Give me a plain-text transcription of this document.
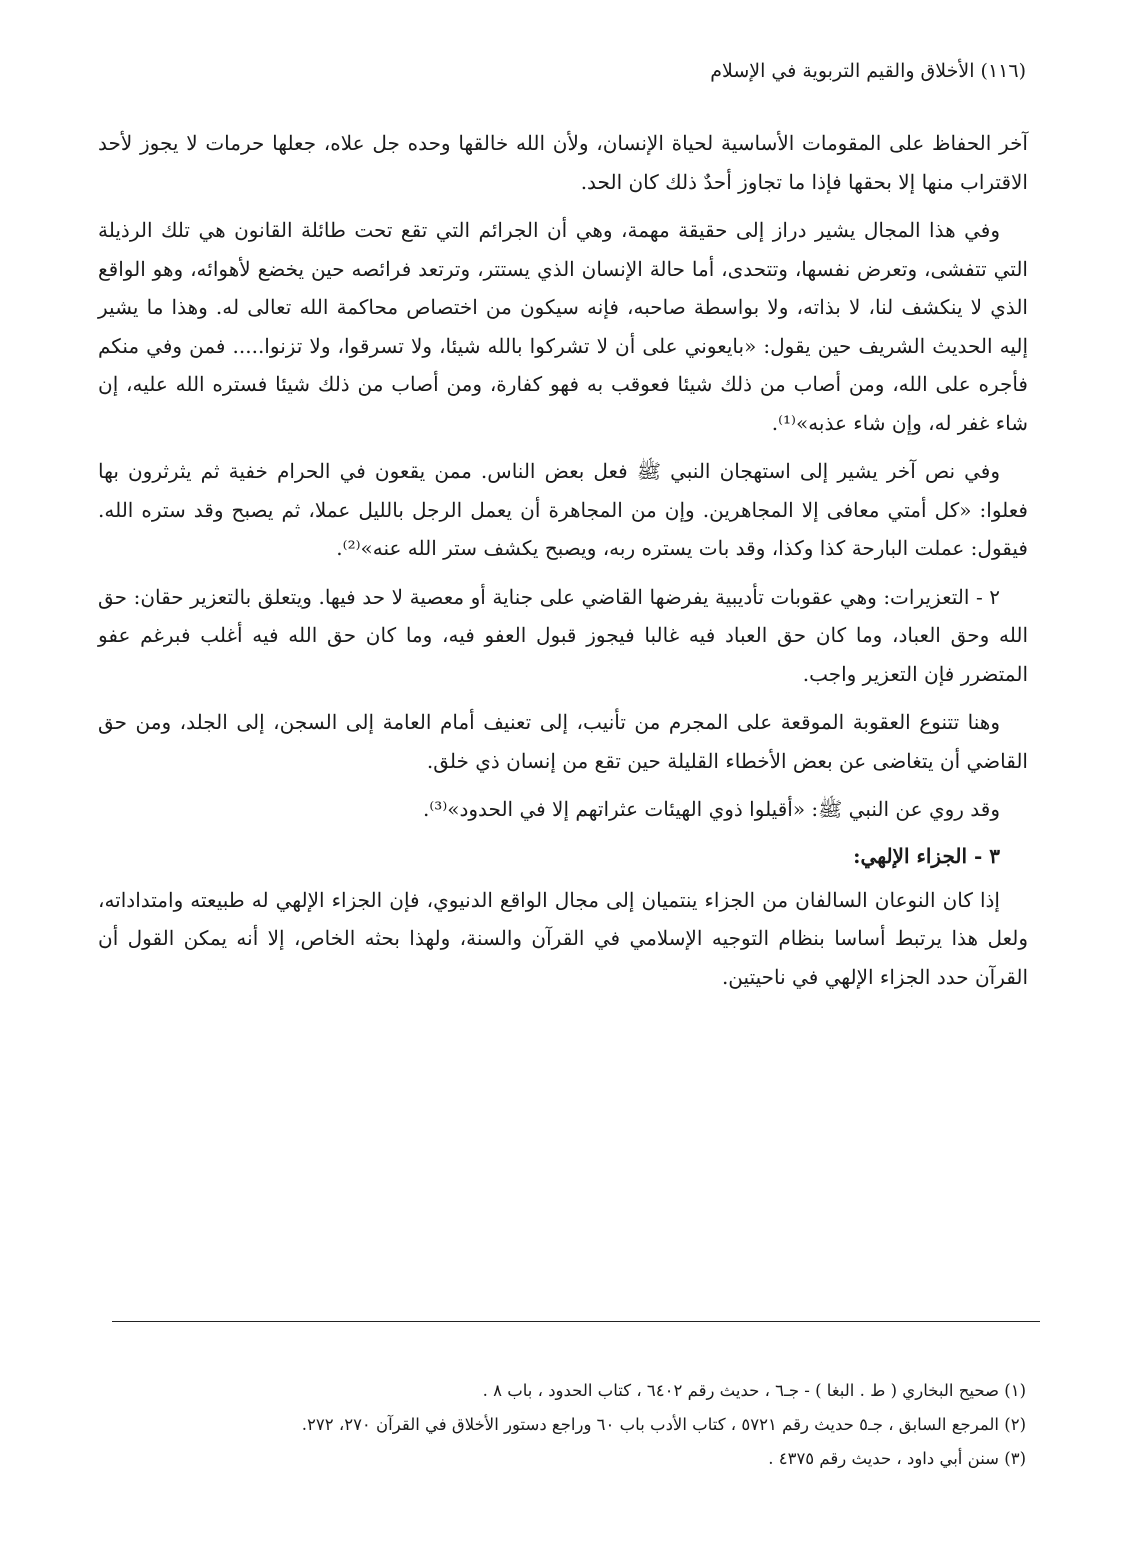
(١١٦) الأخلاق والقيم التربوية في الإسلام

آخر الحفاظ على المقومات الأساسية لحياة الإنسان، ولأن الله خالقها وحده جل علاه، جعلها حرمات لا يجوز لأحد الاقتراب منها إلا بحقها فإذا ما تجاوز أحدٌ ذلك كان الحد.

وفي هذا المجال يشير دراز إلى حقيقة مهمة، وهي أن الجرائم التي تقع تحت طائلة القانون هي تلك الرذيلة التي تتفشى، وتعرض نفسها، وتتحدى، أما حالة الإنسان الذي يستتر، وترتعد فرائصه حين يخضع لأهوائه، وهو الواقع الذي لا ينكشف لنا، لا بذاته، ولا بواسطة صاحبه، فإنه سيكون من اختصاص محاكمة الله تعالى له. وهذا ما يشير إليه الحديث الشريف حين يقول: «بايعوني على أن لا تشركوا بالله شيئا، ولا تسرقوا، ولا تزنوا..... فمن وفي منكم فأجره على الله، ومن أصاب من ذلك شيئا فعوقب به فهو كفارة، ومن أصاب من ذلك شيئا فستره الله عليه، إن شاء غفر له، وإن شاء عذبه»⁽¹⁾.

وفي نص آخر يشير إلى استهجان النبي ﷺ فعل بعض الناس. ممن يقعون في الحرام خفية ثم يثرثرون بها فعلوا: «كل أمتي معافى إلا المجاهرين. وإن من المجاهرة أن يعمل الرجل بالليل عملا، ثم يصبح وقد ستره الله. فيقول: عملت البارحة كذا وكذا، وقد بات يستره ربه، ويصبح يكشف ستر الله عنه»⁽²⁾.

٢ - التعزيرات: وهي عقوبات تأديبية يفرضها القاضي على جناية أو معصية لا حد فيها. ويتعلق بالتعزير حقان: حق الله وحق العباد، وما كان حق العباد فيه غالبا فيجوز قبول العفو فيه، وما كان حق الله فيه أغلب فبرغم عفو المتضرر فإن التعزير واجب.

وهنا تتنوع العقوبة الموقعة على المجرم من تأنيب، إلى تعنيف أمام العامة إلى السجن، إلى الجلد، ومن حق القاضي أن يتغاضى عن بعض الأخطاء القليلة حين تقع من إنسان ذي خلق.

وقد روي عن النبي ﷺ: «أقيلوا ذوي الهيئات عثراتهم إلا في الحدود»⁽³⁾.

٣ - الجزاء الإلهي:

إذا كان النوعان السالفان من الجزاء ينتميان إلى مجال الواقع الدنيوي، فإن الجزاء الإلهي له طبيعته وامتداداته، ولعل هذا يرتبط أساسا بنظام التوجيه الإسلامي في القرآن والسنة، ولهذا بحثه الخاص، إلا أنه يمكن القول أن القرآن حدد الجزاء الإلهي في ناحيتين.

(١) صحيح البخاري ( ط . البغا ) - جـ٦ ، حديث رقم ٦٤٠٢ ، كتاب الحدود ، باب ٨ .
(٢) المرجع السابق ، جـ٥ حديث رقم ٥٧٢١ ، كتاب الأدب باب ٦٠ وراجع دستور الأخلاق في القرآن ٢٧٠، ٢٧٢.
(٣) سنن أبي داود ، حديث رقم ٤٣٧٥ .
